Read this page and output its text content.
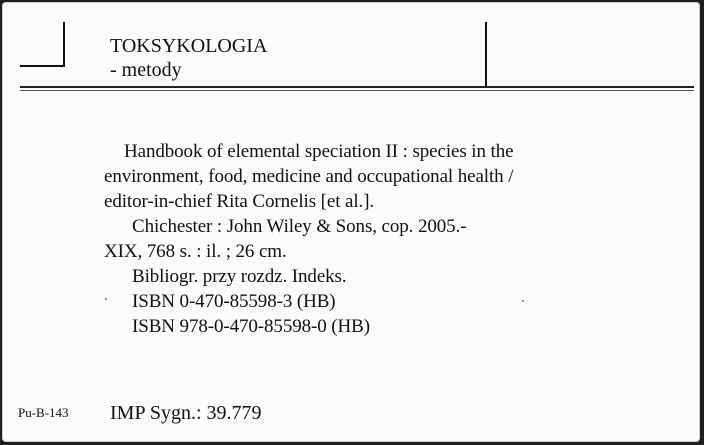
TOKSYKOLOGIA
- metody
Handbook of elemental speciation II : species in the
environment, food, medicine and occupational health /
editor-in-chief Rita Cornelis [et al.].
Chichester : John Wiley & Sons, cop. 2005.-
XIX, 768 s. : il. ; 26 cm.
Bibliogr. przy rozdz. Indeks.
ISBN 0-470-85598-3 (HB)
ISBN 978-0-470-85598-0 (HB)
Pu-B-143 IMP Sygn.: 39.779
